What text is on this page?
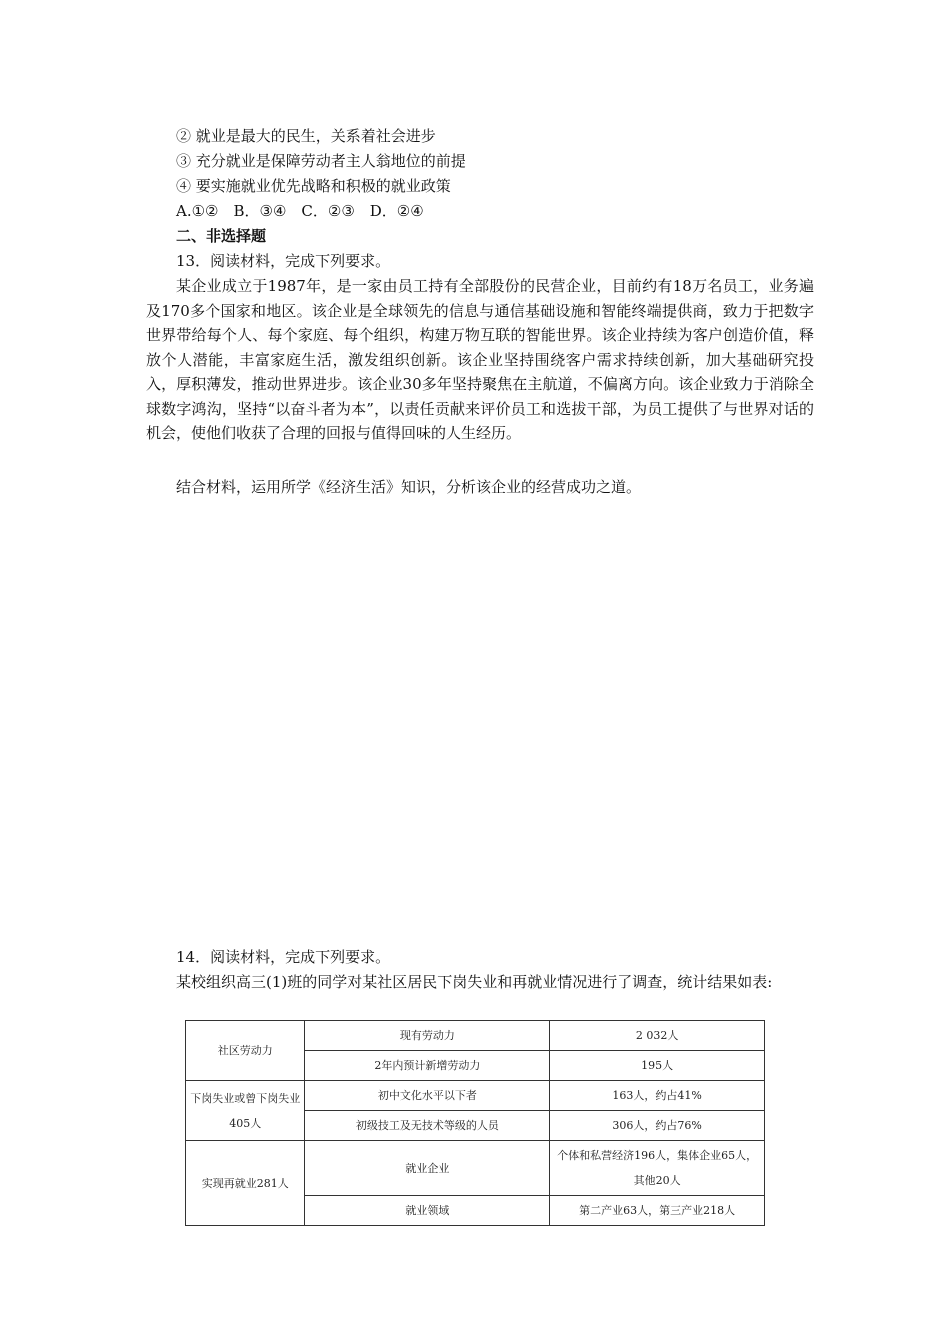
② 就业是最大的民生，关系着社会进步
③ 充分就业是保障劳动者主人翁地位的前提
④ 要实施就业优先战略和积极的就业政策
A.①②　B．③④　C．②③　D．②④
二、非选择题
13．阅读材料，完成下列要求。
某企业成立于1987年，是一家由员工持有全部股份的民营企业，目前约有18万名员工，业务遍及170多个国家和地区。该企业是全球领先的信息与通信基础设施和智能终端提供商，致力于把数字世界带给每个人、每个家庭、每个组织，构建万物互联的智能世界。该企业持续为客户创造价值，释放个人潜能，丰富家庭生活，激发组织创新。该企业坚持围绕客户需求持续创新，加大基础研究投入，厚积薄发，推动世界进步。该企业30多年坚持聚焦在主航道，不偏离方向。该企业致力于消除全球数字鸿沟，坚持“以奋斗者为本”，以责任贡献来评价员工和选拔干部，为员工提供了与世界对话的机会，使他们收获了合理的回报与值得回味的人生经历。
结合材料，运用所学《经济生活》知识，分析该企业的经营成功之道。
14．阅读材料，完成下列要求。
某校组织高三(1)班的同学对某社区居民下岗失业和再就业情况进行了调查，统计结果如表:
社区劳动力	现有劳动力	2 032人
	2年内预计新增劳动力	195人
下岗失业或曾下岗失业405人	初中文化水平以下者	163人，约占41%
	初级技工及无技术等级的人员	306人，约占76%
实现再就业281人	就业企业	个体和私营经济196人，集体企业65人，其他20人
	就业领域	第二产业63人，第三产业218人
